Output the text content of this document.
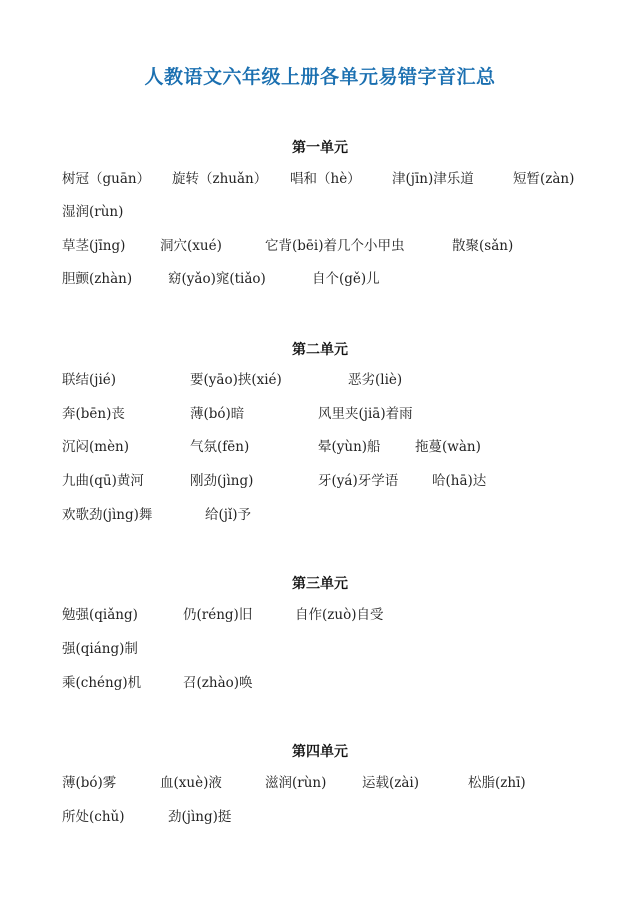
人教语文六年级上册各单元易错字音汇总
第一单元
树冠（guān） 旋转（zhuǎn） 唱和（hè） 津(jīn)津乐道	短暂(zàn)
湿润(rùn)
草茎(jīng)	洞穴(xué)	它背(bēi)着几个小甲虫	散聚(sǎn)
胆颤(zhàn)	窈(yǎo)窕(tiǎo)	自个(gě)儿
第二单元
联结(jié)	要(yāo)挟(xié)	恶劣(liè)
奔(bēn)丧	薄(bó)暗	风里夹(jiā)着雨
沉闷(mèn)	气氛(fēn)	晕(yùn)船	拖蔓(wàn)
九曲(qū)黄河	刚劲(jìng)	牙(yá)牙学语	哈(hā)达
欢歌劲(jìng)舞	给(jǐ)予
第三单元
勉强(qiǎng)	仍(réng)旧	自作(zuò)自受
强(qiáng)制
乘(chéng)机	召(zhào)唤
第四单元
薄(bó)雾	血(xuè)液	滋润(rùn)	运载(zài)	松脂(zhī)
所处(chǔ)	劲(jìng)挺
